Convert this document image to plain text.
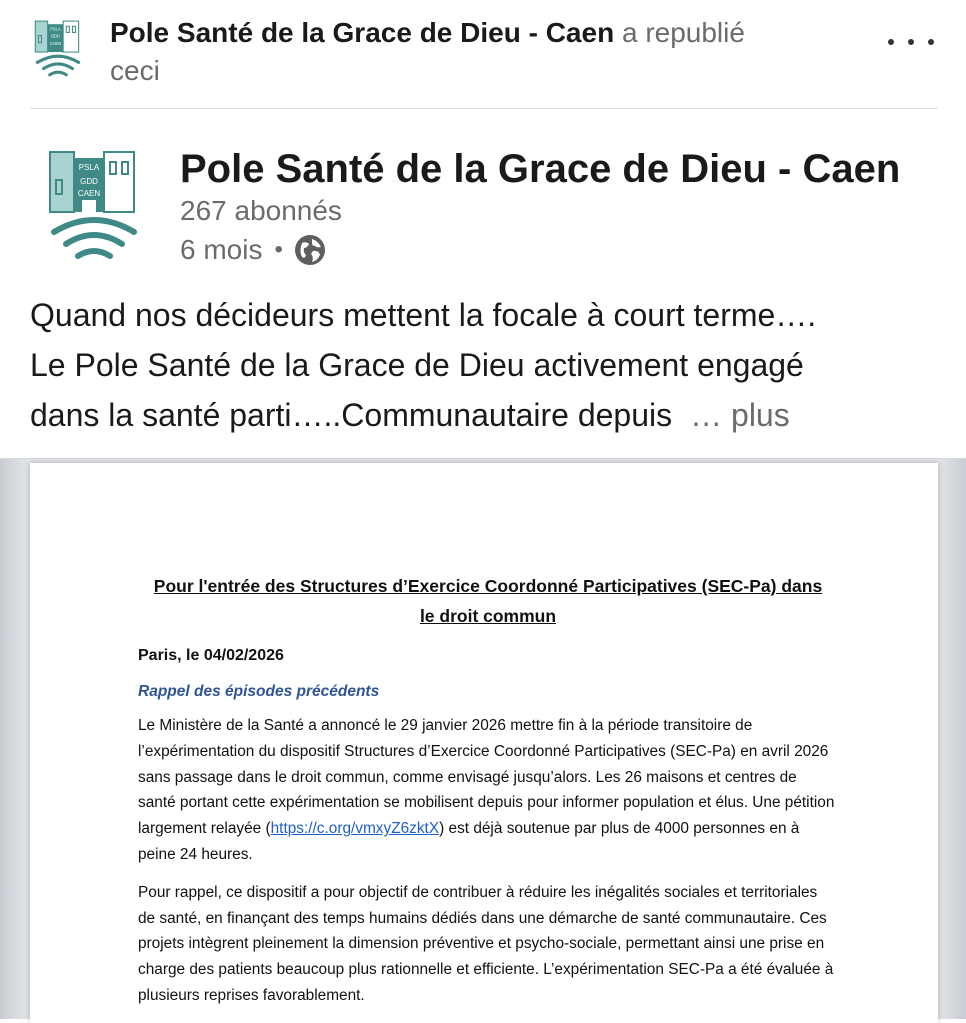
PSLA
GDD
CAEN Pole Santé de la Grace de Dieu - Caen a republié
ceci
PSLA
GDD
CAEN
Pole Santé de la Grace de Dieu - Caen
267 abonnés
6 mois •
Quand nos décideurs mettent la focale à court terme….
Le Pole Santé de la Grace de Dieu activement engagé
dans la santé parti…..Communautaire depuis … plus

Pour l'entrée des Structures d’Exercice Coordonné Participatives (SEC-Pa) dans
le droit commun

Paris, le 04/02/2026
Rappel des épisodes précédents
Le Ministère de la Santé a annoncé le 29 janvier 2026 mettre fin à la période transitoire de l’expérimentation du dispositif Structures d’Exercice Coordonné Participatives (SEC-Pa) en avril 2026 sans passage dans le droit commun, comme envisagé jusqu’alors. Les 26 maisons et centres de santé portant cette expérimentation se mobilisent depuis pour informer population et élus. Une pétition largement relayée (https://c.org/vmxyZ6zktX) est déjà soutenue par plus de 4000 personnes en à peine 24 heures.
Pour rappel, ce dispositif a pour objectif de contribuer à réduire les inégalités sociales et territoriales de santé, en finançant des temps humains dédiés dans une démarche de santé communautaire. Ces projets intègrent pleinement la dimension préventive et psycho-sociale, permettant ainsi une prise en charge des patients beaucoup plus rationnelle et efficiente. L’expérimentation SEC-Pa a été évaluée à plusieurs reprises favorablement.
